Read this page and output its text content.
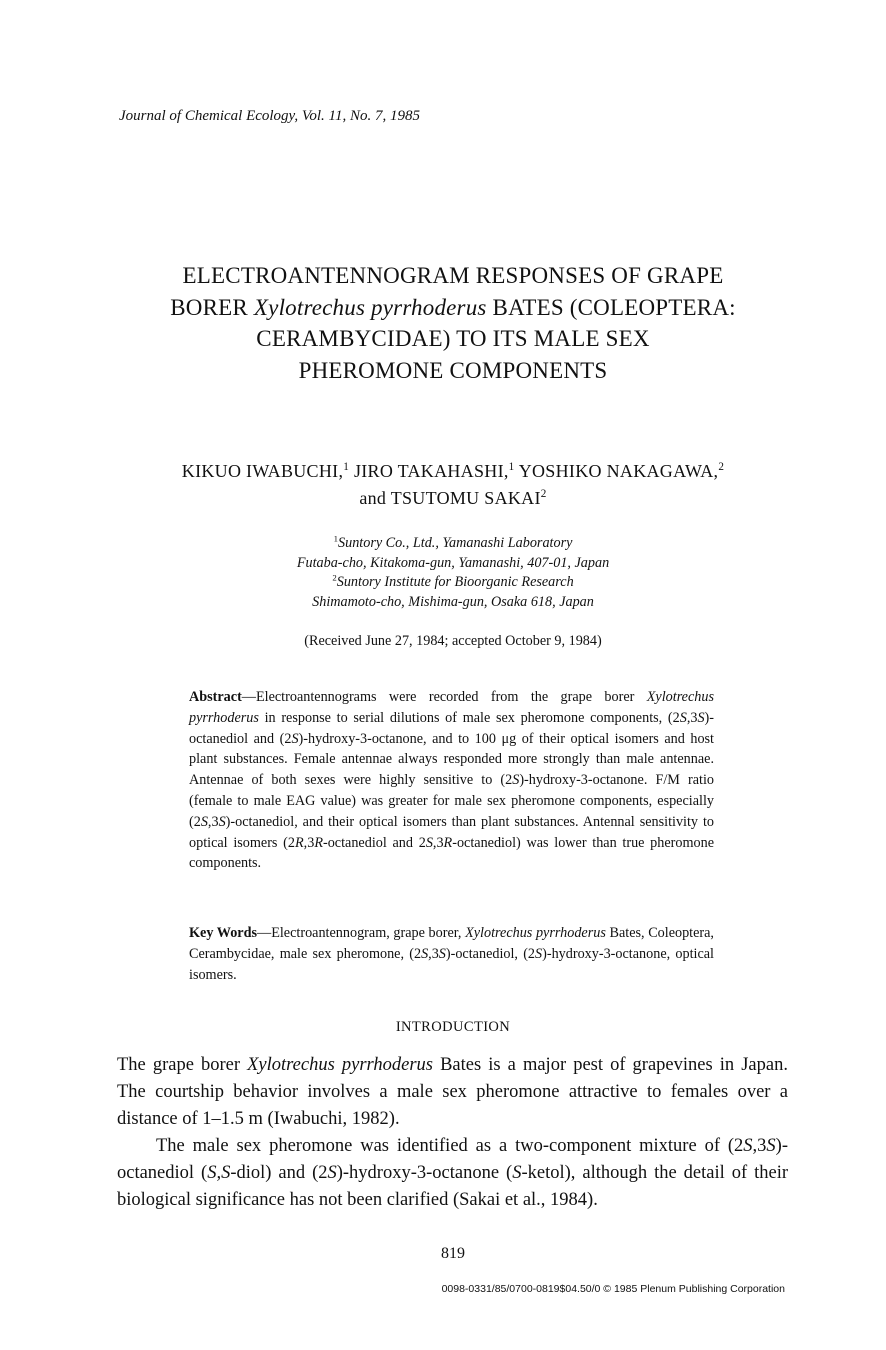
Journal of Chemical Ecology, Vol. 11, No. 7, 1985
ELECTROANTENNOGRAM RESPONSES OF GRAPE
BORER Xylotrechus pyrrhoderus BATES (COLEOPTERA:
CERAMBYCIDAE) TO ITS MALE SEX
PHEROMONE COMPONENTS
KIKUO IWABUCHI,$^1$ JIRO TAKAHASHI,$^1$ YOSHIKO NAKAGAWA,$^2$
and TSUTOMU SAKAI$^2$
$^1$Suntory Co., Ltd., Yamanashi Laboratory
Futaba-cho, Kitakoma-gun, Yamanashi, 407-01, Japan
$^2$Suntory Institute for Bioorganic Research
Shimamoto-cho, Mishima-gun, Osaka 618, Japan
(Received June 27, 1984; accepted October 9, 1984)
Abstract—Electroantennograms were recorded from the grape borer Xylotrechus pyrrhoderus in response to serial dilutions of male sex pheromone components, (2S,3S)-octanediol and (2S)-hydroxy-3-octanone, and to 100 μg of their optical isomers and host plant substances. Female antennae always responded more strongly than male antennae. Antennae of both sexes were highly sensitive to (2S)-hydroxy-3-octanone. F/M ratio (female to male EAG value) was greater for male sex pheromone components, especially (2S,3S)-octanediol, and their optical isomers than plant substances. Antennal sensitivity to optical isomers (2R,3R-octanediol and 2S,3R-octanediol) was lower than true pheromone components.
Key Words—Electroantennogram, grape borer, Xylotrechus pyrrhoderus Bates, Coleoptera, Cerambycidae, male sex pheromone, (2S,3S)-octanediol, (2S)-hydroxy-3-octanone, optical isomers.
INTRODUCTION

The grape borer Xylotrechus pyrrhoderus Bates is a major pest of grapevines in Japan. The courtship behavior involves a male sex pheromone attractive to females over a distance of 1–1.5 m (Iwabuchi, 1982).

The male sex pheromone was identified as a two-component mixture of (2S,3S)-octanediol (S,S-diol) and (2S)-hydroxy-3-octanone (S-ketol), although the detail of their biological significance has not been clarified (Sakai et al., 1984).

819
0098-0331/85/0700-0819$04.50/0 © 1985 Plenum Publishing Corporation
